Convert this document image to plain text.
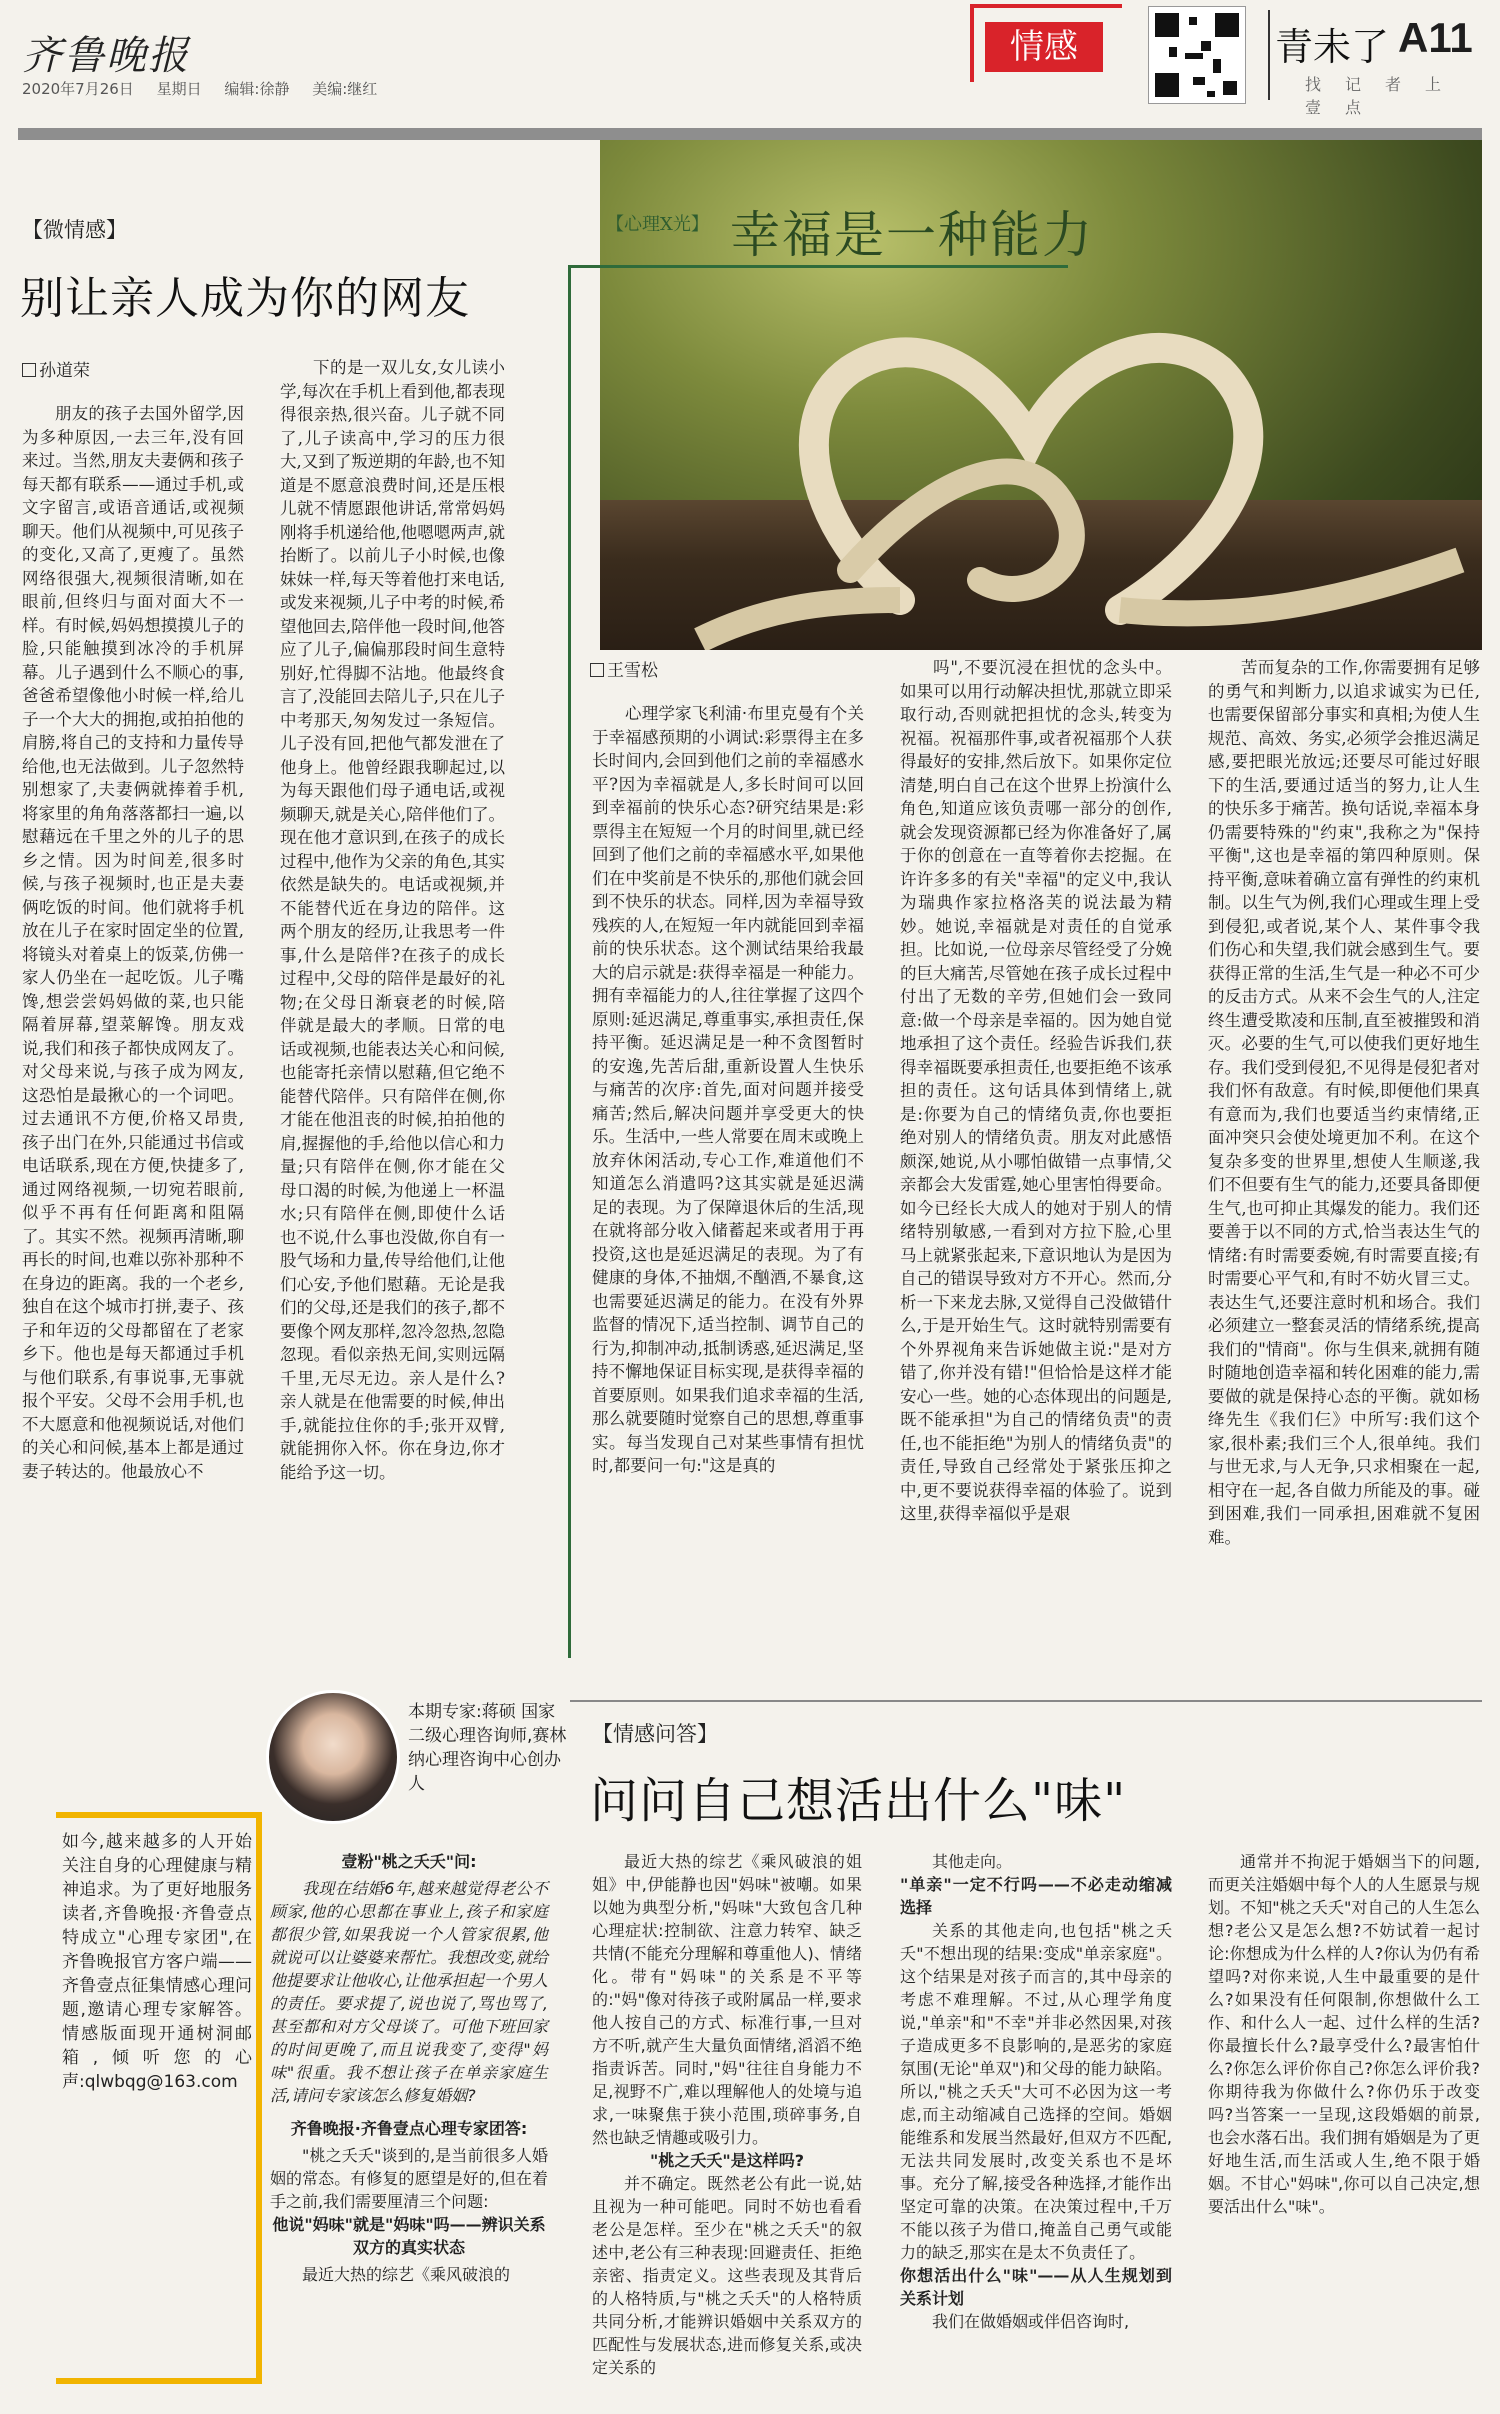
齐鲁晚报
2020年7月26日 星期日 编辑:徐静 美编:继红
情感	青未了 A11
找记者上壹点
【微情感】
别让亲人成为你的网友
孙道荣

朋友的孩子去国外留学,因为多种原因,一去三年,没有回来过。当然,朋友夫妻俩和孩子每天都有联系——通过手机,或文字留言,或语音通话,或视频聊天。他们从视频中,可见孩子的变化,又高了,更瘦了。虽然网络很强大,视频很清晰,如在眼前,但终归与面对面大不一样。有时候,妈妈想摸摸儿子的脸,只能触摸到冰冷的手机屏幕。儿子遇到什么不顺心的事,爸爸希望像他小时候一样,给儿子一个大大的拥抱,或拍拍他的肩膀,将自己的支持和力量传导给他,也无法做到。儿子忽然特别想家了,夫妻俩就捧着手机,将家里的角角落落都扫一遍,以慰藉远在千里之外的儿子的思乡之情。因为时间差,很多时候,与孩子视频时,也正是夫妻俩吃饭的时间。他们就将手机放在儿子在家时固定坐的位置,将镜头对着桌上的饭菜,仿佛一家人仍坐在一起吃饭。儿子嘴馋,想尝尝妈妈做的菜,也只能隔着屏幕,望菜解馋。朋友戏说,我们和孩子都快成网友了。对父母来说,与孩子成为网友,这恐怕是最揪心的一个词吧。过去通讯不方便,价格又昂贵,孩子出门在外,只能通过书信或电话联系,现在方便,快捷多了,通过网络视频,一切宛若眼前,似乎不再有任何距离和阻隔了。其实不然。视频再清晰,聊再长的时间,也难以弥补那种不在身边的距离。我的一个老乡,独自在这个城市打拼,妻子、孩子和年迈的父母都留在了老家乡下。他也是每天都通过手机与他们联系,有事说事,无事就报个平安。父母不会用手机,也不大愿意和他视频说话,对他们的关心和问候,基本上都是通过妻子转达的。他最放心不

下的是一双儿女,女儿读小学,每次在手机上看到他,都表现得很亲热,很兴奋。儿子就不同了,儿子读高中,学习的压力很大,又到了叛逆期的年龄,也不知道是不愿意浪费时间,还是压根儿就不情愿跟他讲话,常常妈妈刚将手机递给他,他嗯嗯两声,就抬断了。以前儿子小时候,也像妹妹一样,每天等着他打来电话,或发来视频,儿子中考的时候,希望他回去,陪伴他一段时间,他答应了儿子,偏偏那段时间生意特别好,忙得脚不沾地。他最终食言了,没能回去陪儿子,只在儿子中考那天,匆匆发过一条短信。儿子没有回,把他气都发泄在了他身上。他曾经跟我聊起过,以为每天跟他们母子通电话,或视频聊天,就是关心,陪伴他们了。现在他才意识到,在孩子的成长过程中,他作为父亲的角色,其实依然是缺失的。电话或视频,并不能替代近在身边的陪伴。这两个朋友的经历,让我思考一件事,什么是陪伴?在孩子的成长过程中,父母的陪伴是最好的礼物;在父母日渐衰老的时候,陪伴就是最大的孝顺。日常的电话或视频,也能表达关心和问候,也能寄托亲情以慰藉,但它绝不能替代陪伴。只有陪伴在侧,你才能在他沮丧的时候,拍拍他的肩,握握他的手,给他以信心和力量;只有陪伴在侧,你才能在父母口渴的时候,为他递上一杯温水;只有陪伴在侧,即使什么话也不说,什么事也没做,你自有一股气场和力量,传导给他们,让他们心安,予他们慰藉。无论是我们的父母,还是我们的孩子,都不要像个网友那样,忽冷忽热,忽隐忽现。看似亲热无间,实则远隔千里,无尽无边。亲人是什么?亲人就是在他需要的时候,伸出手,就能拉住你的手;张开双臂,就能拥你入怀。你在身边,你才能给予这一切。

【心理X光】 幸福是一种能力
王雪松

心理学家飞利浦·布里克曼有个关于幸福感预期的小调试:彩票得主在多长时间内,会回到他们之前的幸福感水平?因为幸福就是人,多长时间可以回到幸福前的快乐心态?研究结果是:彩票得主在短短一个月的时间里,就已经回到了他们之前的幸福感水平,如果他们在中奖前是不快乐的,那他们就会回到不快乐的状态。同样,因为幸福导致残疾的人,在短短一年内就能回到幸福前的快乐状态。这个测试结果给我最大的启示就是:获得幸福是一种能力。拥有幸福能力的人,往往掌握了这四个原则:延迟满足,尊重事实,承担责任,保持平衡。延迟满足是一种不贪图暂时的安逸,先苦后甜,重新设置人生快乐与痛苦的次序:首先,面对问题并接受痛苦;然后,解决问题并享受更大的快乐。生活中,一些人常要在周末或晚上放弃休闲活动,专心工作,难道他们不知道怎么消遣吗?这其实就是延迟满足的表现。为了保障退休后的生活,现在就将部分收入储蓄起来或者用于再投资,这也是延迟满足的表现。为了有健康的身体,不抽烟,不酗酒,不暴食,这也需要延迟满足的能力。在没有外界监督的情况下,适当控制、调节自己的行为,抑制冲动,抵制诱惑,延迟满足,坚持不懈地保证目标实现,是获得幸福的首要原则。如果我们追求幸福的生活,那么就要随时觉察自己的思想,尊重事实。每当发现自己对某些事情有担忧时,都要问一句:"这是真的

吗",不要沉浸在担忧的念头中。如果可以用行动解决担忧,那就立即采取行动,否则就把担忧的念头,转变为祝福。祝福那件事,或者祝福那个人获得最好的安排,然后放下。如果你定位清楚,明白自己在这个世界上扮演什么角色,知道应该负责哪一部分的创作,就会发现资源都已经为你准备好了,属于你的创意在一直等着你去挖掘。在许许多多的有关"幸福"的定义中,我认为瑞典作家拉格洛芙的说法最为精妙。她说,幸福就是对责任的自觉承担。比如说,一位母亲尽管经受了分娩的巨大痛苦,尽管她在孩子成长过程中付出了无数的辛劳,但她们会一致同意:做一个母亲是幸福的。因为她自觉地承担了这个责任。经验告诉我们,获得幸福既要承担责任,也要拒绝不该承担的责任。这句话具体到情绪上,就是:你要为自己的情绪负责,你也要拒绝对别人的情绪负责。朋友对此感悟颇深,她说,从小哪怕做错一点事情,父亲都会大发雷霆,她心里害怕得要命。如今已经长大成人的她对于别人的情绪特别敏感,一看到对方拉下脸,心里马上就紧张起来,下意识地认为是因为自己的错误导致对方不开心。然而,分析一下来龙去脉,又觉得自己没做错什么,于是开始生气。这时就特别需要有个外界视角来告诉她做主说:"是对方错了,你并没有错!"但恰恰是这样才能安心一些。她的心态体现出的问题是,既不能承担"为自己的情绪负责"的责任,也不能拒绝"为别人的情绪负责"的责任,导致自己经常处于紧张压抑之中,更不要说获得幸福的体验了。说到这里,获得幸福似乎是艰

苦而复杂的工作,你需要拥有足够的勇气和判断力,以追求诚实为已任,也需要保留部分事实和真相;为使人生规范、高效、务实,必须学会推迟满足感,要把眼光放远;还要尽可能过好眼下的生活,要通过适当的努力,让人生的快乐多于痛苦。换句话说,幸福本身仍需要特殊的"约束",我称之为"保持平衡",这也是幸福的第四种原则。保持平衡,意味着确立富有弹性的约束机制。以生气为例,我们心理或生理上受到侵犯,或者说,某个人、某件事令我们伤心和失望,我们就会感到生气。要获得正常的生活,生气是一种必不可少的反击方式。从来不会生气的人,注定终生遭受欺凌和压制,直至被摧毁和消灭。必要的生气,可以使我们更好地生存。我们受到侵犯,不见得是侵犯者对我们怀有敌意。有时候,即便他们果真有意而为,我们也要适当约束情绪,正面冲突只会使处境更加不利。在这个复杂多变的世界里,想使人生顺遂,我们不但要有生气的能力,还要具备即便生气,也可抑止其爆发的能力。我们还要善于以不同的方式,恰当表达生气的情绪:有时需要委婉,有时需要直接;有时需要心平气和,有时不妨火冒三丈。表达生气,还要注意时机和场合。我们必须建立一整套灵活的情绪系统,提高我们的"情商"。你与生俱来,就拥有随时随地创造幸福和转化困难的能力,需要做的就是保持心态的平衡。就如杨绛先生《我们仨》中所写:我们这个家,很朴素;我们三个人,很单纯。我们与世无求,与人无争,只求相聚在一起,相守在一起,各自做力所能及的事。碰到困难,我们一同承担,困难就不复困难。

本期专家:蒋硕 国家二级心理咨询师,赛林纳心理咨询中心创办人
【情感问答】
问问自己想活出什么"味"
如今,越来越多的人开始关注自身的心理健康与精神追求。为了更好地服务读者,齐鲁晚报·齐鲁壹点特成立"心理专家团",在齐鲁晚报官方客户端——齐鲁壹点征集情感心理问题,邀请心理专家解答。情感版面现开通树洞邮箱,倾听您的心声:qlwbqg@163.com

壹粉"桃之夭夭"问:

我现在结婚6年,越来越觉得老公不顾家,他的心思都在事业上,孩子和家庭都很少管,如果我说一个人管家很累,他就说可以让婆婆来帮忙。我想改变,就给他提要求让他收心,让他承担起一个男人的责任。要求提了,说也说了,骂也骂了,甚至都和对方父母谈了。可他下班回家的时间更晚了,而且说我变了,变得"妈味"很重。我不想让孩子在单亲家庭生活,请问专家该怎么修复婚姻?

齐鲁晚报·齐鲁壹点心理专家团答:

"桃之夭夭"谈到的,是当前很多人婚姻的常态。有修复的愿望是好的,但在着手之前,我们需要厘清三个问题:

他说"妈味"就是"妈味"吗——辨识关系双方的真实状态

最近大热的综艺《乘风破浪的

最近大热的综艺《乘风破浪的姐姐》中,伊能静也因"妈味"被嘲。如果以她为典型分析,"妈味"大致包含几种心理症状:控制欲、注意力转窄、缺乏共情(不能充分理解和尊重他人)、情绪化。带有"妈味"的关系是不平等的:"妈"像对待孩子或附属品一样,要求他人按自己的方式、标准行事,一旦对方不听,就产生大量负面情绪,滔滔不绝指责诉苦。同时,"妈"往往自身能力不足,视野不广,难以理解他人的处境与追求,一味聚焦于狭小范围,琐碎事务,自然也缺乏情趣或吸引力。

"桃之夭夭"是这样吗?

并不确定。既然老公有此一说,姑且视为一种可能吧。同时不妨也看看老公是怎样。至少在"桃之夭夭"的叙述中,老公有三种表现:回避责任、拒绝亲密、指责定义。这些表现及其背后的人格特质,与"桃之夭夭"的人格特质共同分析,才能辨识婚姻中关系双方的匹配性与发展状态,进而修复关系,或决定关系的

其他走向。

"单亲"一定不行吗——不必走动缩减选择

关系的其他走向,也包括"桃之夭夭"不想出现的结果:变成"单亲家庭"。这个结果是对孩子而言的,其中母亲的考虑不难理解。不过,从心理学角度说,"单亲"和"不幸"并非必然因果,对孩子造成更多不良影响的,是恶劣的家庭氛围(无论"单双")和父母的能力缺陷。所以,"桃之夭夭"大可不必因为这一考虑,而主动缩减自己选择的空间。婚姻能维系和发展当然最好,但双方不匹配,无法共同发展时,改变关系也不是坏事。充分了解,接受各种选择,才能作出坚定可靠的决策。在决策过程中,千万不能以孩子为借口,掩盖自己勇气或能力的缺乏,那实在是太不负责任了。

你想活出什么"味"——从人生规划到关系计划

我们在做婚姻或伴侣咨询时,

通常并不拘泥于婚姻当下的问题,而更关注婚姻中每个人的人生愿景与规划。不知"桃之夭夭"对自己的人生怎么想?老公又是怎么想?不妨试着一起讨论:你想成为什么样的人?你认为仍有希望吗?对你来说,人生中最重要的是什么?如果没有任何限制,你想做什么工作、和什么人一起、过什么样的生活?你最擅长什么?最享受什么?最害怕什么?你怎么评价你自己?你怎么评价我?你期待我为你做什么?你仍乐于改变吗?当答案一一呈现,这段婚姻的前景,也会水落石出。我们拥有婚姻是为了更好地生活,而生活或人生,绝不限于婚姻。不甘心"妈味",你可以自己决定,想要活出什么"味"。
